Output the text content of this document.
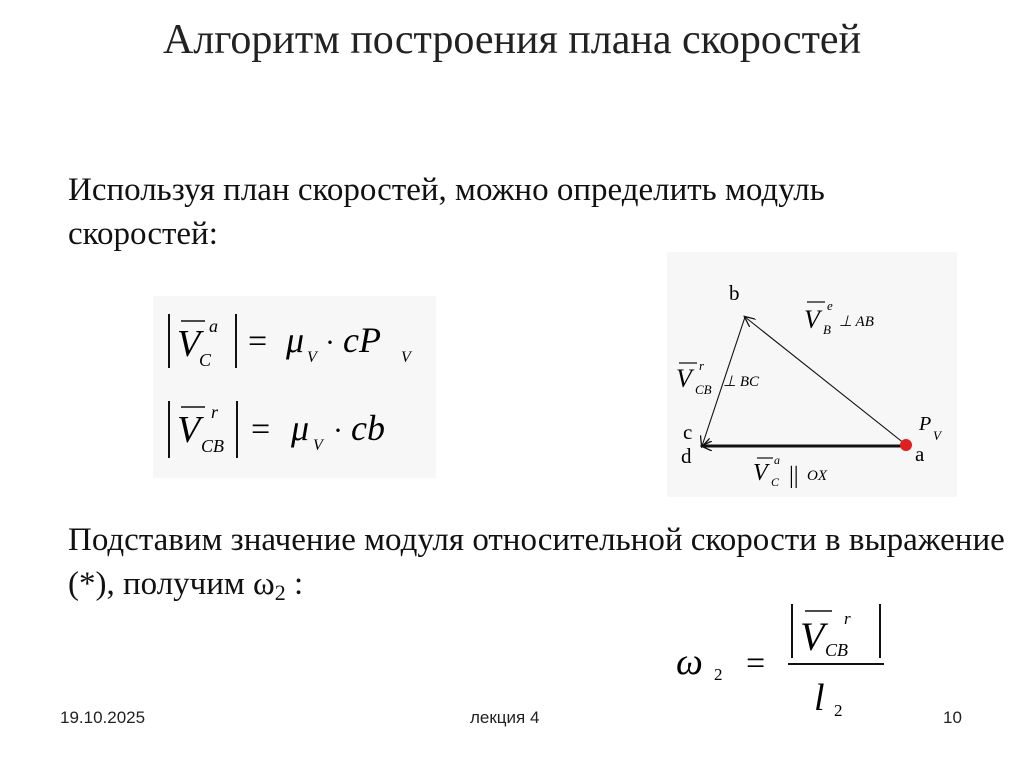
Алгоритм построения плана скоростей
Используя план скоростей, можно определить модуль скоростей:
V a
C = μ V · cP V
V r
CB = μ V · cb
b
c
d	a
P
V
V e
B ⊥ AB
V r
CB ⊥ BC
V a
C || OX
Подставим значение модуля относительной скорости в выражение (*), получим $\omega_2$ :
ω 2 =
V r
CB
l 2
19.10.2025	лекция 4	10
